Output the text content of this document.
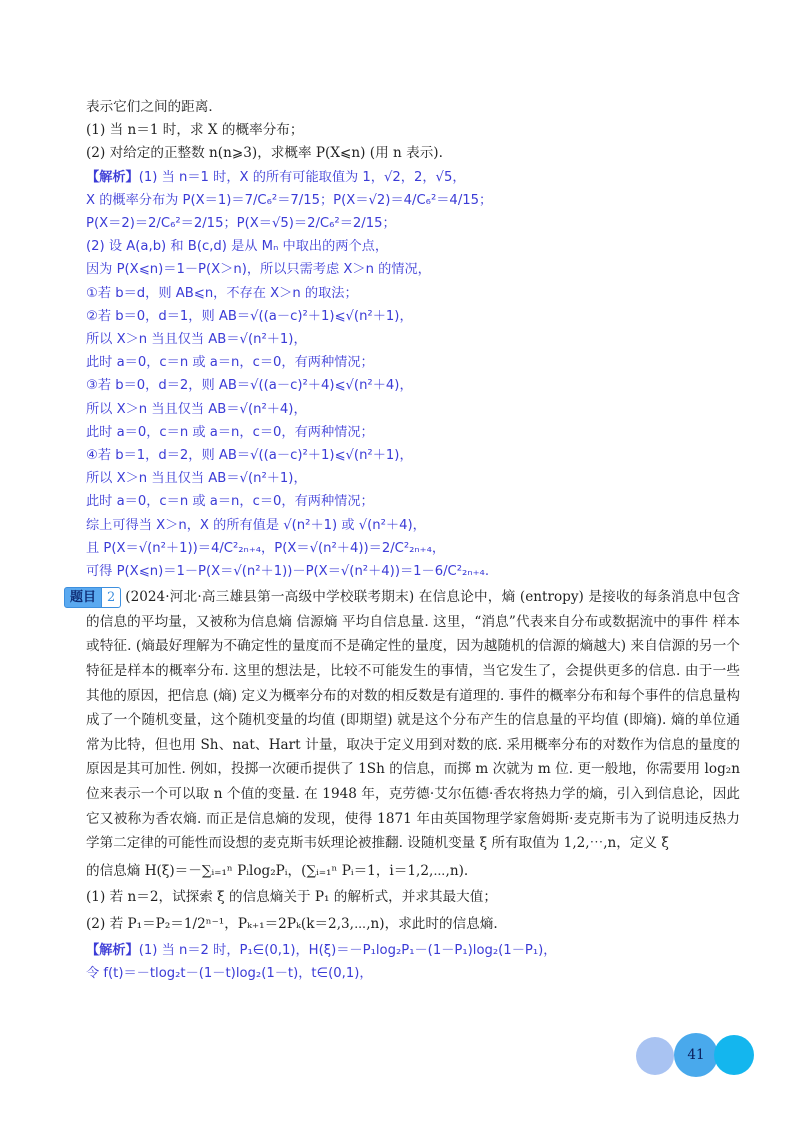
表示它们之间的距离．
(1) 当 n＝1 时，求 X 的概率分布；
(2) 对给定的正整数 n(n⩾3)，求概率 P(X⩽n) (用 n 表示).
【解析】(1) 当 n＝1 时，X 的所有可能取值为 1，√2，2，√5，
X 的概率分布为 P(X＝1)＝7/C₆²＝7/15；P(X＝√2)＝4/C₆²＝4/15；
P(X＝2)＝2/C₆²＝2/15；P(X＝√5)＝2/C₆²＝2/15；
(2) 设 A(a,b) 和 B(c,d) 是从 Mₙ 中取出的两个点，
因为 P(X⩽n)＝1－P(X＞n)，所以只需考虑 X＞n 的情况，
①若 b＝d，则 AB⩽n，不存在 X＞n 的取法；
②若 b＝0，d＝1，则 AB＝√((a－c)²＋1)⩽√(n²＋1)，
所以 X＞n 当且仅当 AB＝√(n²＋1)，
此时 a＝0，c＝n 或 a＝n，c＝0，有两种情况；
③若 b＝0，d＝2，则 AB＝√((a－c)²＋4)⩽√(n²＋4)，
所以 X＞n 当且仅当 AB＝√(n²＋4)，
此时 a＝0，c＝n 或 a＝n，c＝0，有两种情况；
④若 b＝1，d＝2，则 AB＝√((a－c)²＋1)⩽√(n²＋1)，
所以 X＞n 当且仅当 AB＝√(n²＋1)，
此时 a＝0，c＝n 或 a＝n，c＝0，有两种情况；
综上可得当 X＞n，X 的所有值是 √(n²＋1) 或 √(n²＋4)，
且 P(X＝√(n²＋1))＝4/C²₂ₙ₊₄，P(X＝√(n²＋4))＝2/C²₂ₙ₊₄，
可得 P(X⩽n)＝1－P(X＝√(n²＋1))－P(X＝√(n²＋4))＝1－6/C²₂ₙ₊₄.
题目 2 (2024·河北·高三雄县第一高级中学校联考期末) 在信息论中，熵 (entropy) 是接收的每条消息中包含的信息的平均量，又被称为信息熵 信源熵 平均自信息量. 这里，“消息”代表来自分布或数据流中的事件 样本或特征. (熵最好理解为不确定性的量度而不是确定性的量度，因为越随机的信源的熵越大) 来自信源的另一个特征是样本的概率分布. 这里的想法是，比较不可能发生的事情，当它发生了，会提供更多的信息. 由于一些其他的原因，把信息 (熵) 定义为概率分布的对数的相反数是有道理的. 事件的概率分布和每个事件的信息量构成了一个随机变量，这个随机变量的均值 (即期望) 就是这个分布产生的信息量的平均值 (即熵). 熵的单位通常为比特，但也用 Sh、nat、Hart 计量，取决于定义用到对数的底. 采用概率分布的对数作为信息的量度的原因是其可加性. 例如，投掷一次硬币提供了 1Sh 的信息，而掷 m 次就为 m 位. 更一般地，你需要用 log₂n 位来表示一个可以取 n 个值的变量. 在 1948 年，克劳德·艾尔伍德·香农将热力学的熵，引入到信息论，因此它又被称为香农熵. 而正是信息熵的发现，使得 1871 年由英国物理学家詹姆斯·麦克斯韦为了说明违反热力学第二定律的可能性而设想的麦克斯韦妖理论被推翻. 设随机变量 ξ 所有取值为 1,2,⋯,n，定义 ξ
的信息熵 H(ξ)＝－∑ᵢ₌₁ⁿ Pᵢlog₂Pᵢ，(∑ᵢ₌₁ⁿ Pᵢ＝1，i＝1,2,⋯,n).
(1) 若 n＝2，试探索 ξ 的信息熵关于 P₁ 的解析式，并求其最大值；
(2) 若 P₁＝P₂＝1/2ⁿ⁻¹，Pₖ₊₁＝2Pₖ(k＝2,3,⋯,n)，求此时的信息熵.
【解析】(1) 当 n＝2 时，P₁∈(0,1)，H(ξ)＝－P₁log₂P₁－(1－P₁)log₂(1－P₁)，
令 f(t)＝－tlog₂t－(1－t)log₂(1－t)，t∈(0,1)，
41
